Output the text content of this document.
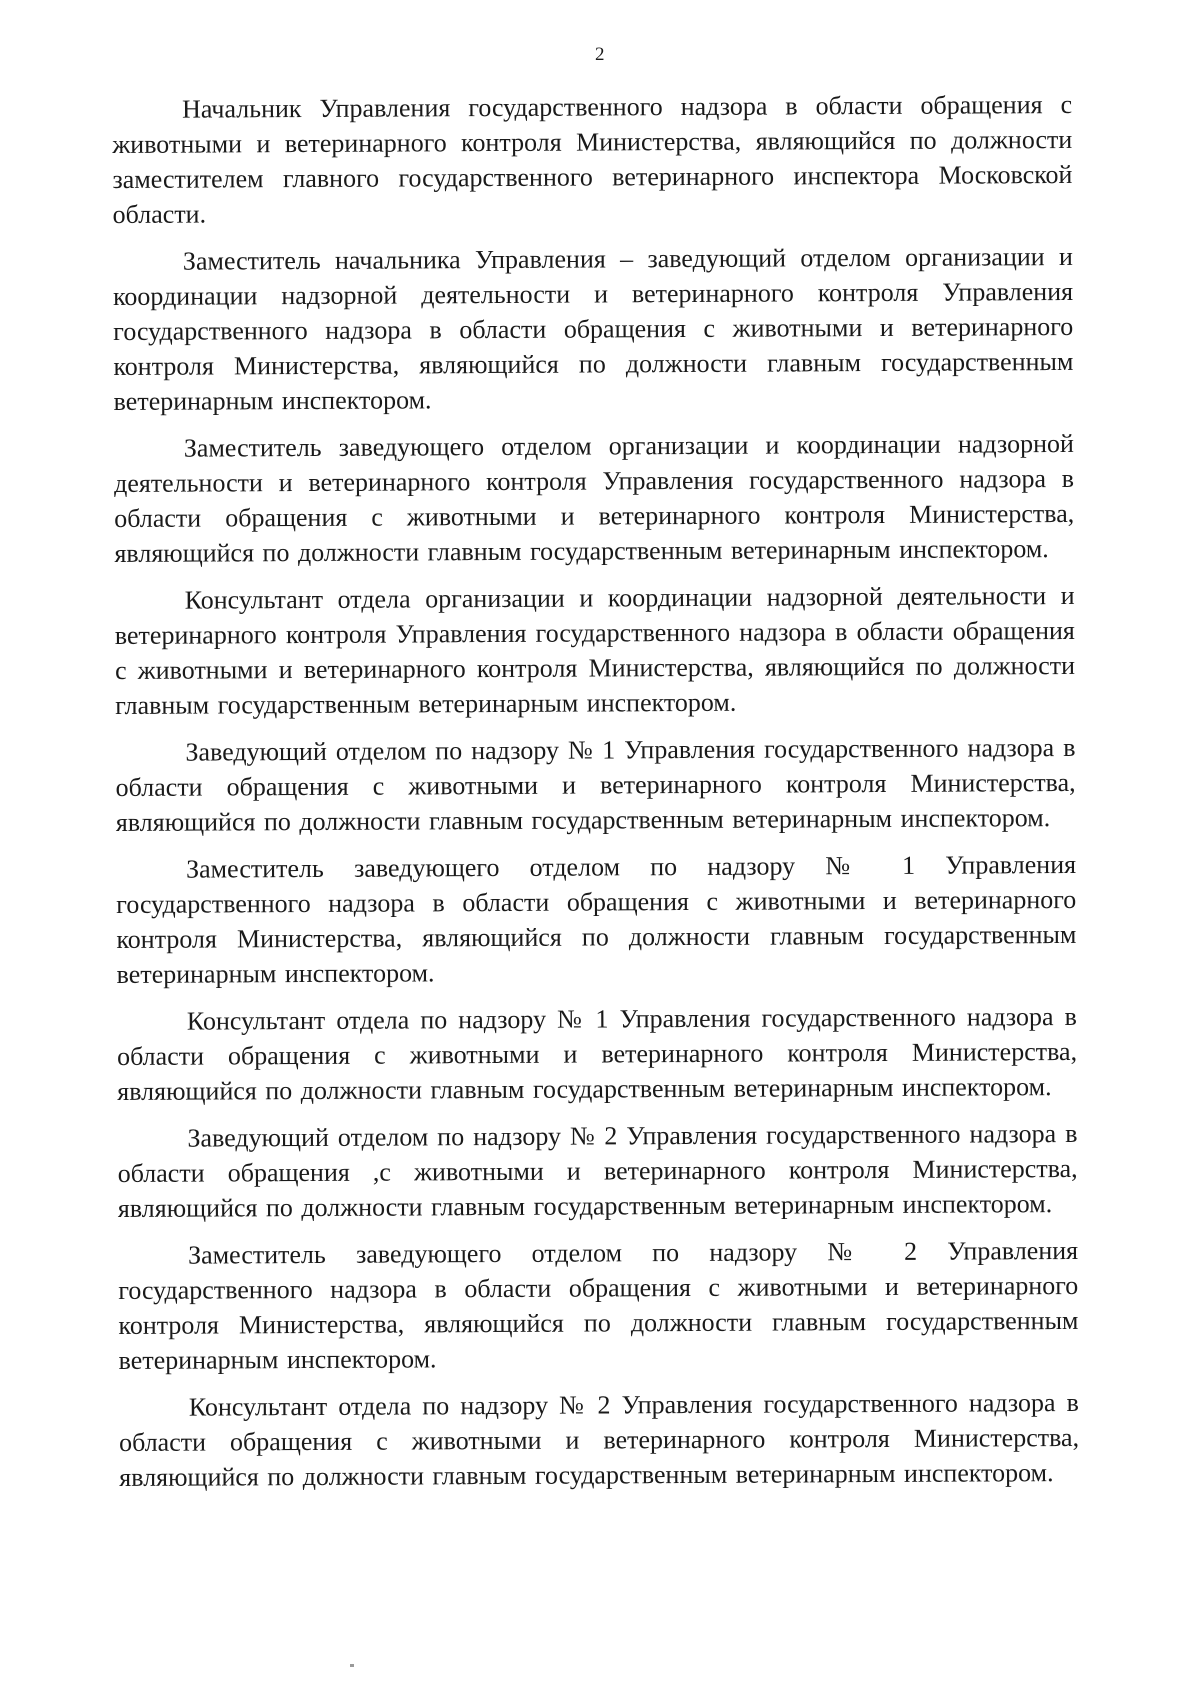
2

Начальник Управления государственного надзора в области обращения с животными и ветеринарного контроля Министерства, являющийся по должности заместителем главного государственного ветеринарного инспектора Московской области.

Заместитель начальника Управления – заведующий отделом организации и координации надзорной деятельности и ветеринарного контроля Управления государственного надзора в области обращения с животными и ветеринарного контроля Министерства, являющийся по должности главным государственным ветеринарным инспектором.

Заместитель заведующего отделом организации и координации надзорной деятельности и ветеринарного контроля Управления государственного надзора в области обращения с животными и ветеринарного контроля Министерства, являющийся по должности главным государственным ветеринарным инспектором.

Консультант отдела организации и координации надзорной деятельности и ветеринарного контроля Управления государственного надзора в области обращения с животными и ветеринарного контроля Министерства, являющийся по должности главным государственным ветеринарным инспектором.

Заведующий отделом по надзору № 1 Управления государственного надзора в области обращения с животными и ветеринарного контроля Министерства, являющийся по должности главным государственным ветеринарным инспектором.

Заместитель заведующего отделом по надзору № 1 Управления государственного надзора в области обращения с животными и ветеринарного контроля Министерства, являющийся по должности главным государственным ветеринарным инспектором.

Консультант отдела по надзору № 1 Управления государственного надзора в области обращения с животными и ветеринарного контроля Министерства, являющийся по должности главным государственным ветеринарным инспектором.

Заведующий отделом по надзору № 2 Управления государственного надзора в области обращения ,с животными и ветеринарного контроля Министерства, являющийся по должности главным государственным ветеринарным инспектором.

Заместитель заведующего отделом по надзору № 2 Управления государственного надзора в области обращения с животными и ветеринарного контроля Министерства, являющийся по должности главным государственным ветеринарным инспектором.

Консультант отдела по надзору № 2 Управления государственного надзора в области обращения с животными и ветеринарного контроля Министерства, являющийся по должности главным государственным ветеринарным инспектором.
